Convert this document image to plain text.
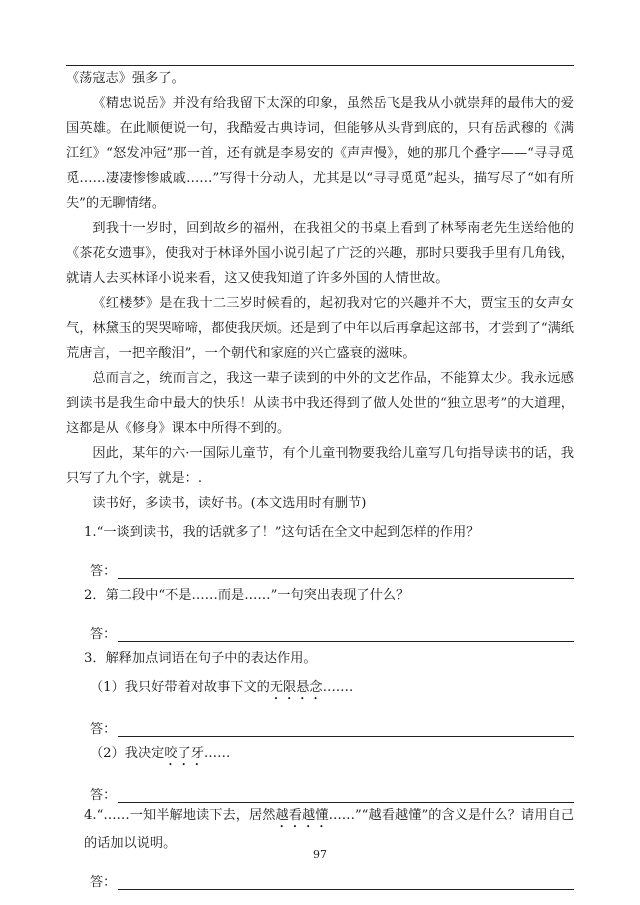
《荡寇志》强多了。

《精忠说岳》并没有给我留下太深的印象，虽然岳飞是我从小就崇拜的最伟大的爱国英雄。在此顺便说一句，我酷爱古典诗词，但能够从头背到底的，只有岳武穆的《满江红》“怒发冲冠”那一首，还有就是李易安的《声声慢》，她的那几个叠字——“寻寻觅觅……凄凄惨惨戚戚……”写得十分动人，尤其是以“寻寻觅觅”起头，描写尽了“如有所失”的无聊情绪。

到我十一岁时，回到故乡的福州，在我祖父的书桌上看到了林琴南老先生送给他的《茶花女遗事》，使我对于林译外国小说引起了广泛的兴趣，那时只要我手里有几角钱，就请人去买林译小说来看，这又使我知道了许多外国的人情世故。

《红楼梦》是在我十二三岁时候看的，起初我对它的兴趣并不大，贾宝玉的女声女气，林黛玉的哭哭啼啼，都使我厌烦。还是到了中年以后再拿起这部书，才尝到了“满纸荒唐言，一把辛酸泪”，一个朝代和家庭的兴亡盛衰的滋味。

总而言之，统而言之，我这一辈子读到的中外的文艺作品，不能算太少。我永远感到读书是我生命中最大的快乐！从读书中我还得到了做人处世的“独立思考”的大道理，这都是从《修身》课本中所得不到的。

因此，某年的六·一国际儿童节，有个儿童刊物要我给儿童写几句指导读书的话，我只写了九个字，就是：.

读书好，多读书，读好书。(本文选用时有删节)

1.“一谈到读书，我的话就多了！”这句话在全文中起到怎样的作用？

答：

2．第二段中“不是……而是……”一句突出表现了什么？

答：

3．解释加点词语在句子中的表达作用。

（1）我只好带着对故事下文的无限悬念…….

答：

（2）我决定咬了牙……

答：

4.“……一知半解地读下去，居然越看越懂……”“越看越懂”的含义是什么？请用自己的话加以说明。

答：
97
